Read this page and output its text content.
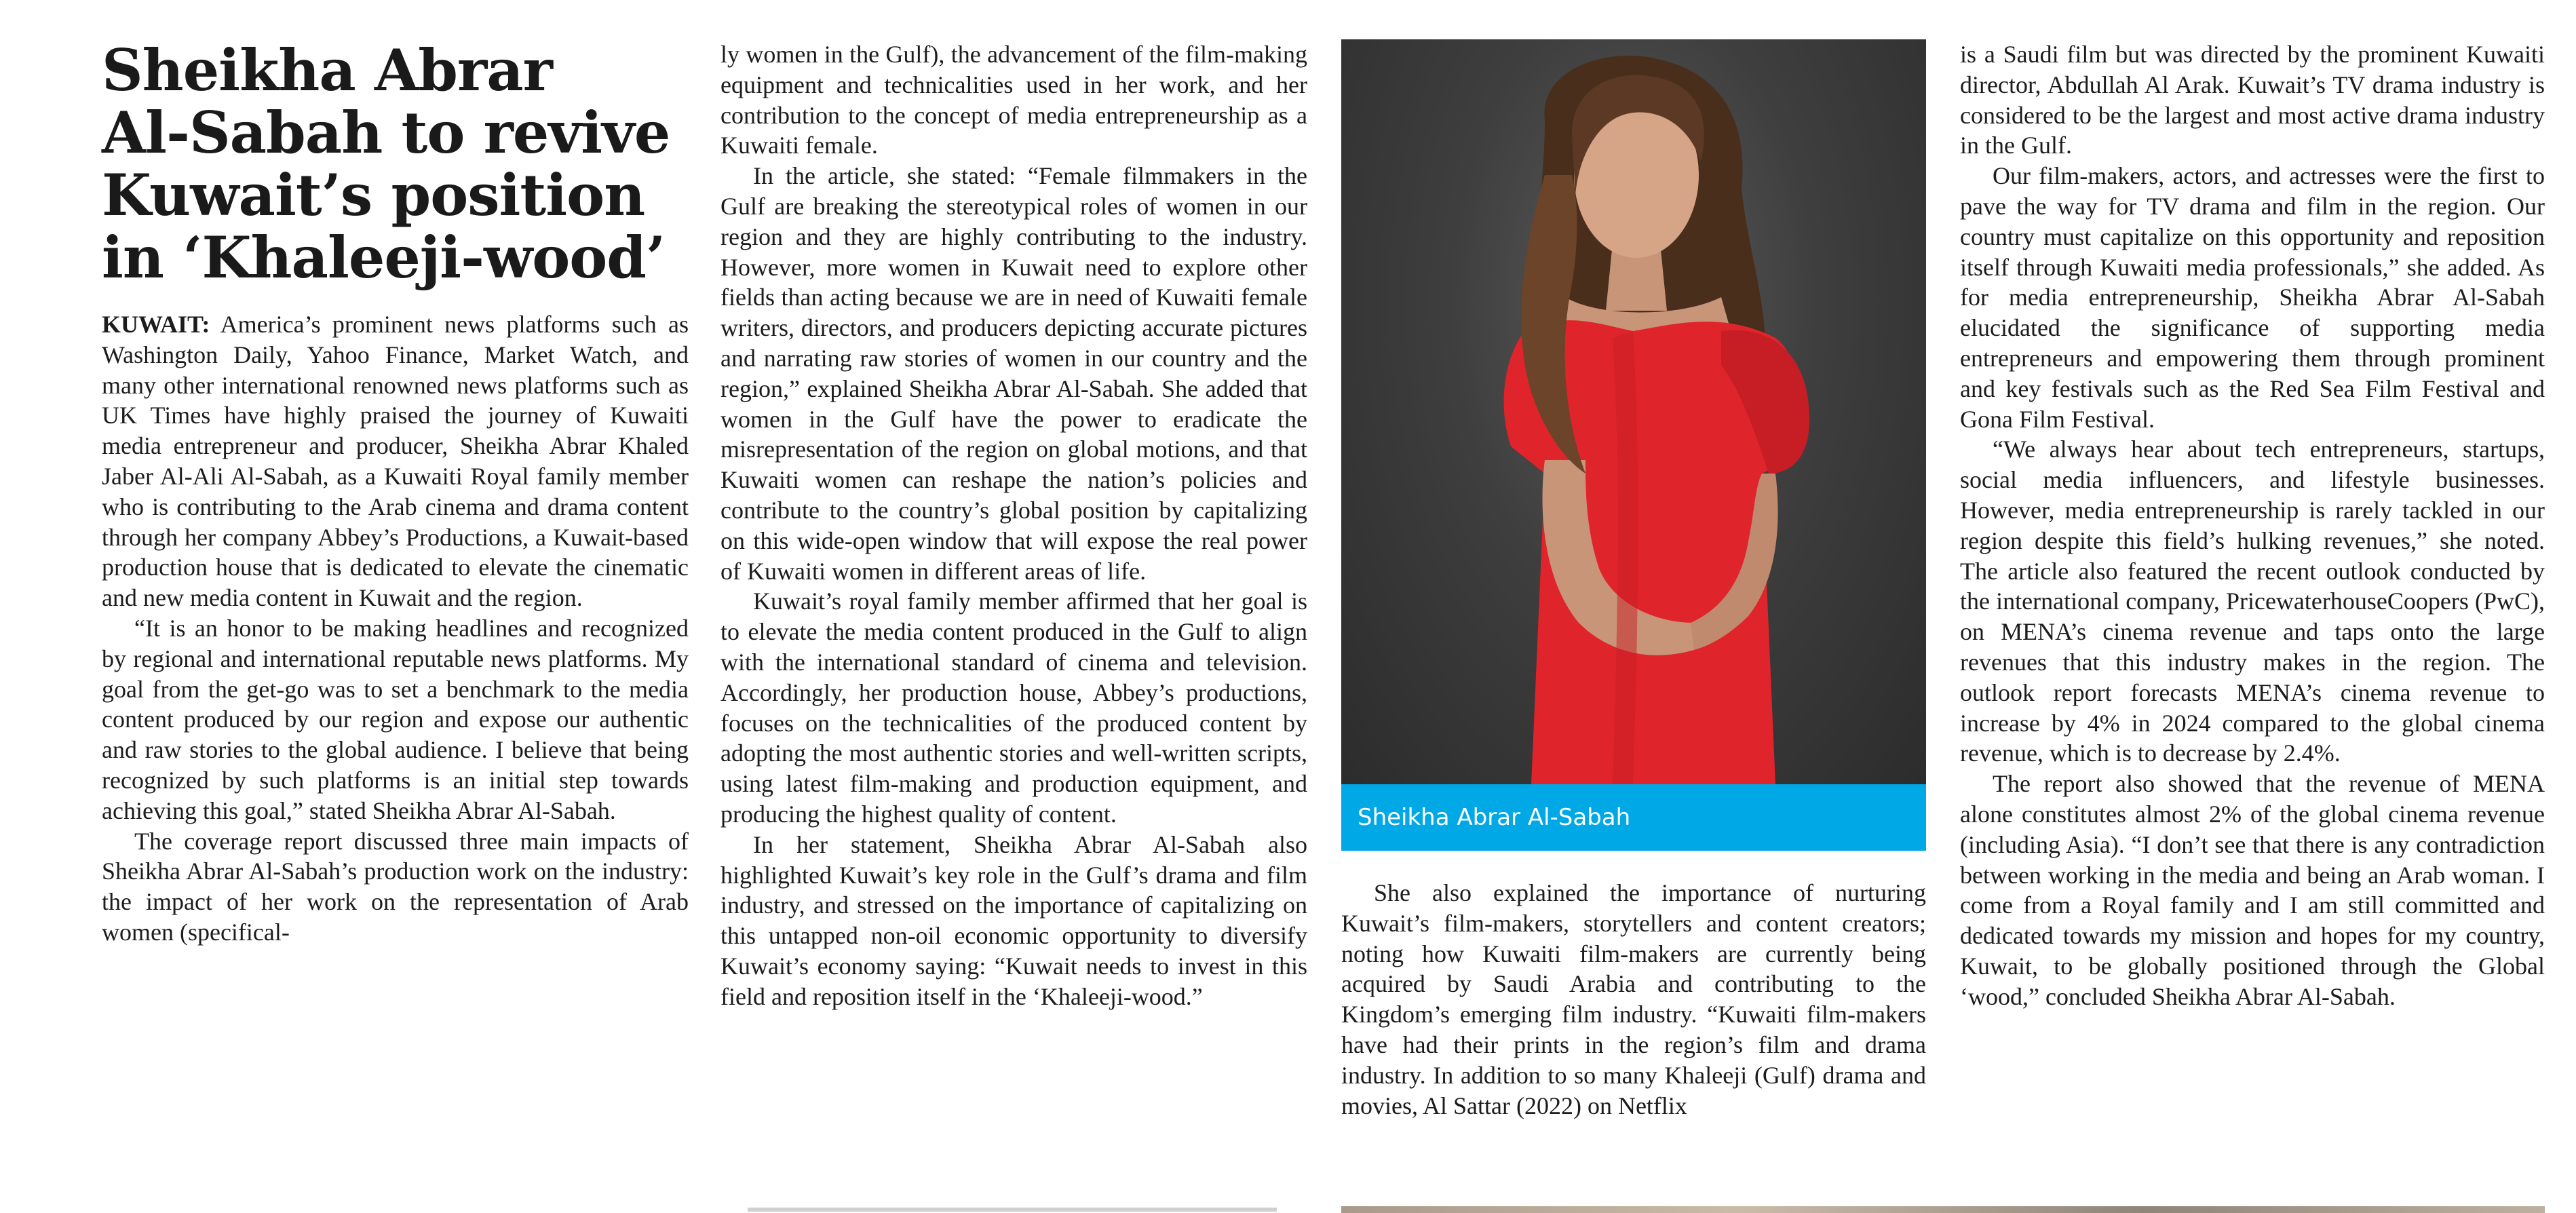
Sheikha Abrar
Al-Sabah to revive
Kuwait’s position
in ‘Khaleeji-wood’

KUWAIT: America’s prominent news platforms such as Washington Daily, Yahoo Finance, Market Watch, and many other international renowned news platforms such as UK Times have highly praised the journey of Kuwaiti media entrepreneur and producer, Sheikha Abrar Khaled Jaber Al-Ali Al-Sabah, as a Kuwaiti Royal family member who is contributing to the Arab cinema and drama content through her company Abbey’s Productions, a Kuwait-based production house that is dedicated to elevate the cinematic and new media content in Kuwait and the region.

“It is an honor to be making headlines and recognized by regional and international reputable news platforms. My goal from the get-go was to set a benchmark to the media content produced by our region and expose our authentic and raw stories to the global audience. I believe that being recognized by such platforms is an initial step towards achieving this goal,” stated Sheikha Abrar Al-Sabah.

The coverage report discussed three main impacts of Sheikha Abrar Al-Sabah’s production work on the industry: the impact of her work on the representation of Arab women (specifical-

ly women in the Gulf), the advancement of the film-making equipment and technicalities used in her work, and her contribution to the concept of media entrepreneurship as a Kuwaiti female.

In the article, she stated: “Female filmmakers in the Gulf are breaking the stereotypical roles of women in our region and they are highly contributing to the industry. However, more women in Kuwait need to explore other fields than acting because we are in need of Kuwaiti female writers, directors, and producers depicting accurate pictures and narrating raw stories of women in our country and the region,” explained Sheikha Abrar Al-Sabah. She added that women in the Gulf have the power to eradicate the misrepresentation of the region on global motions, and that Kuwaiti women can reshape the nation’s policies and contribute to the country’s global position by capitalizing on this wide-open window that will expose the real power of Kuwaiti women in different areas of life.

Kuwait’s royal family member affirmed that her goal is to elevate the media content produced in the Gulf to align with the international standard of cinema and television. Accordingly, her production house, Abbey’s productions, focuses on the technicalities of the produced content by adopting the most authentic stories and well-written scripts, using latest film-making and production equipment, and producing the highest quality of content.

In her statement, Sheikha Abrar Al-Sabah also highlighted Kuwait’s key role in the Gulf’s drama and film industry, and stressed on the importance of capitalizing on this untapped non-oil economic opportunity to diversify Kuwait’s economy saying: “Kuwait needs to invest in this field and reposition itself in the ‘Khaleeji-wood.”

Sheikha Abrar Al-Sabah

She also explained the importance of nurturing Kuwait’s film-makers, storytellers and content creators; noting how Kuwaiti film-makers are currently being acquired by Saudi Arabia and contributing to the Kingdom’s emerging film industry. “Kuwaiti film-makers have had their prints in the region’s film and drama industry. In addition to so many Khaleeji (Gulf) drama and movies, Al Sattar (2022) on Netflix

is a Saudi film but was directed by the prominent Kuwaiti director, Abdullah Al Arak. Kuwait’s TV drama industry is considered to be the largest and most active drama industry in the Gulf.

Our film-makers, actors, and actresses were the first to pave the way for TV drama and film in the region. Our country must capitalize on this opportunity and reposition itself through Kuwaiti media professionals,” she added. As for media entrepreneurship, Sheikha Abrar Al-Sabah elucidated the significance of supporting media entrepreneurs and empowering them through prominent and key festivals such as the Red Sea Film Festival and Gona Film Festival.

“We always hear about tech entrepreneurs, startups, social media influencers, and lifestyle businesses. However, media entrepreneurship is rarely tackled in our region despite this field’s hulking revenues,” she noted. The article also featured the recent outlook conducted by the international company, PricewaterhouseCoopers (PwC), on MENA’s cinema revenue and taps onto the large revenues that this industry makes in the region. The outlook report forecasts MENA’s cinema revenue to increase by 4% in 2024 compared to the global cinema revenue, which is to decrease by 2.4%.

The report also showed that the revenue of MENA alone constitutes almost 2% of the global cinema revenue (including Asia). “I don’t see that there is any contradiction between working in the media and being an Arab woman. I come from a Royal family and I am still committed and dedicated towards my mission and hopes for my country, Kuwait, to be globally positioned through the Global ‘wood,” concluded Sheikha Abrar Al-Sabah.
